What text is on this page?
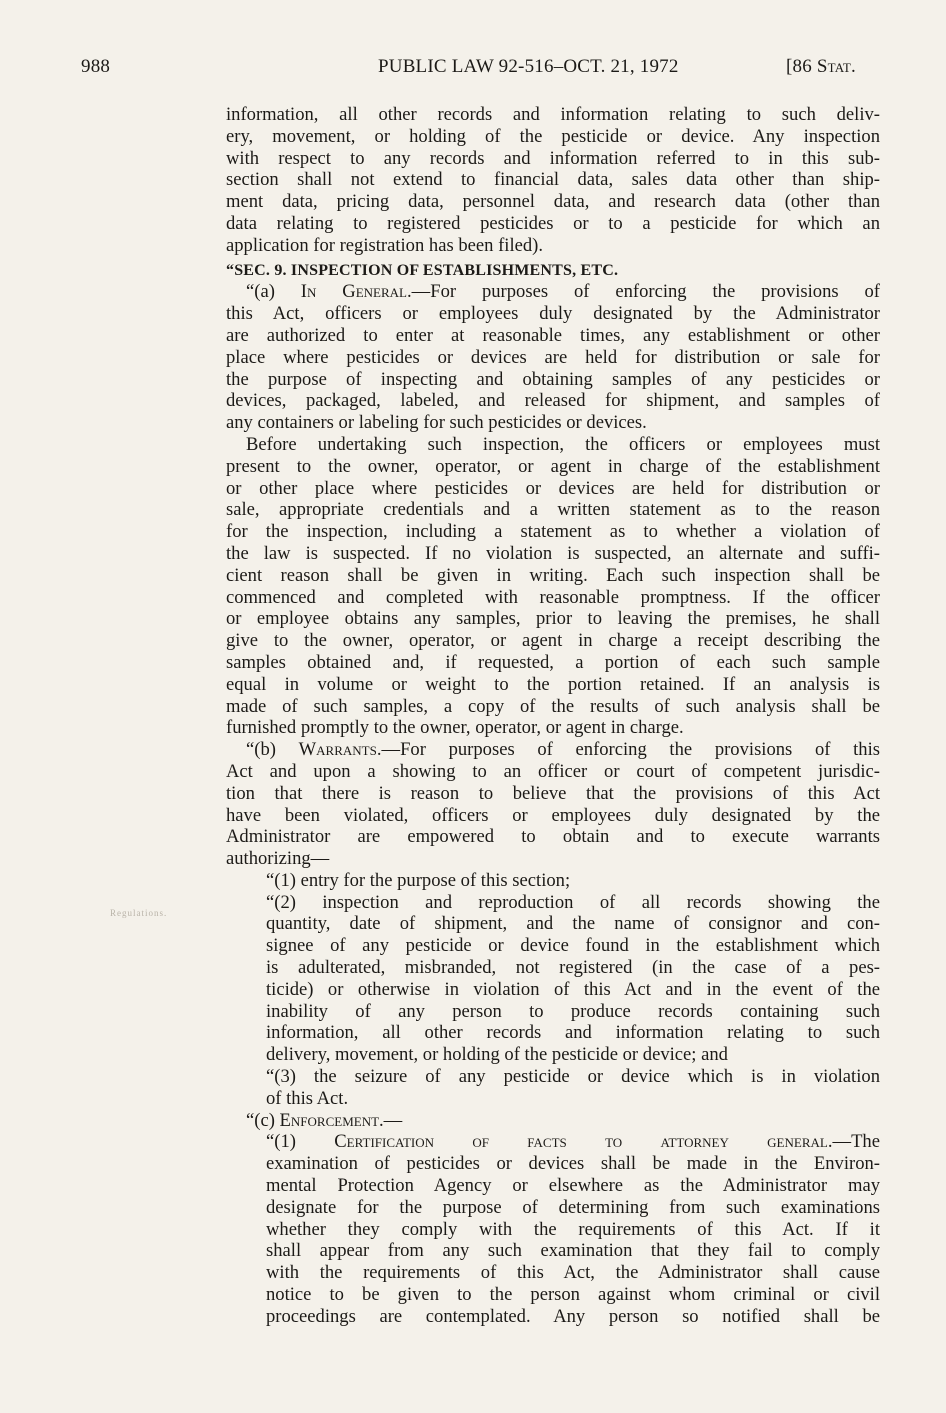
988	PUBLIC LAW 92-516–OCT. 21, 1972	[86 Stat.
Regulations.

information, all other records and information relating to such deliv-
ery, movement, or holding of the pesticide or device. Any inspection
with respect to any records and information referred to in this sub-
section shall not extend to financial data, sales data other than ship-
ment data, pricing data, personnel data, and research data (other than
data relating to registered pesticides or to a pesticide for which an
application for registration has been filed).

“SEC. 9. INSPECTION OF ESTABLISHMENTS, ETC.

“(a) In General.—For purposes of enforcing the provisions of
this Act, officers or employees duly designated by the Administrator
are authorized to enter at reasonable times, any establishment or other
place where pesticides or devices are held for distribution or sale for
the purpose of inspecting and obtaining samples of any pesticides or
devices, packaged, labeled, and released for shipment, and samples of
any containers or labeling for such pesticides or devices.

Before undertaking such inspection, the officers or employees must
present to the owner, operator, or agent in charge of the establishment
or other place where pesticides or devices are held for distribution or
sale, appropriate credentials and a written statement as to the reason
for the inspection, including a statement as to whether a violation of
the law is suspected. If no violation is suspected, an alternate and suffi-
cient reason shall be given in writing. Each such inspection shall be
commenced and completed with reasonable promptness. If the officer
or employee obtains any samples, prior to leaving the premises, he shall
give to the owner, operator, or agent in charge a receipt describing the
samples obtained and, if requested, a portion of each such sample
equal in volume or weight to the portion retained. If an analysis is
made of such samples, a copy of the results of such analysis shall be
furnished promptly to the owner, operator, or agent in charge.

“(b) Warrants.—For purposes of enforcing the provisions of this
Act and upon a showing to an officer or court of competent jurisdic-
tion that there is reason to believe that the provisions of this Act
have been violated, officers or employees duly designated by the
Administrator are empowered to obtain and to execute warrants
authorizing—

“(1) entry for the purpose of this section;

“(2) inspection and reproduction of all records showing the
quantity, date of shipment, and the name of consignor and con-
signee of any pesticide or device found in the establishment which
is adulterated, misbranded, not registered (in the case of a pes-
ticide) or otherwise in violation of this Act and in the event of the
inability of any person to produce records containing such
information, all other records and information relating to such
delivery, movement, or holding of the pesticide or device; and

“(3) the seizure of any pesticide or device which is in violation
of this Act.

“(c) Enforcement.—

“(1) Certification of facts to attorney general.—The
examination of pesticides or devices shall be made in the Environ-
mental Protection Agency or elsewhere as the Administrator may
designate for the purpose of determining from such examinations
whether they comply with the requirements of this Act. If it
shall appear from any such examination that they fail to comply
with the requirements of this Act, the Administrator shall cause
notice to be given to the person against whom criminal or civil
proceedings are contemplated. Any person so notified shall be
